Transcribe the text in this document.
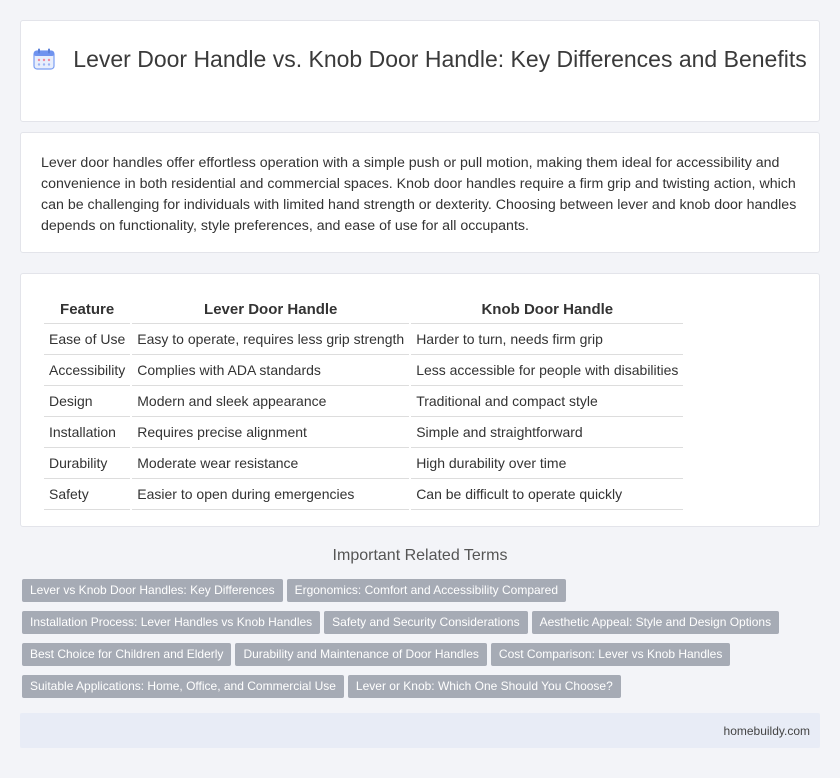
Lever Door Handle vs. Knob Door Handle: Key Differences and Benefits

Lever door handles offer effortless operation with a simple push or pull motion, making them ideal for accessibility and convenience in both residential and commercial spaces. Knob door handles require a firm grip and twisting action, which can be challenging for individuals with limited hand strength or dexterity. Choosing between lever and knob door handles depends on functionality, style preferences, and ease of use for all occupants.

Feature	Lever Door Handle	Knob Door Handle
Ease of Use	Easy to operate, requires less grip strength	Harder to turn, needs firm grip
Accessibility	Complies with ADA standards	Less accessible for people with disabilities
Design	Modern and sleek appearance	Traditional and compact style
Installation	Requires precise alignment	Simple and straightforward
Durability	Moderate wear resistance	High durability over time
Safety	Easier to open during emergencies	Can be difficult to operate quickly
Important Related Terms
Lever vs Knob Door Handles: Key Differences Ergonomics: Comfort and Accessibility Compared
Installation Process: Lever Handles vs Knob Handles Safety and Security Considerations Aesthetic Appeal: Style and Design Options
Best Choice for Children and Elderly Durability and Maintenance of Door Handles Cost Comparison: Lever vs Knob Handles
Suitable Applications: Home, Office, and Commercial Use Lever or Knob: Which One Should You Choose?
homebuildy.com
